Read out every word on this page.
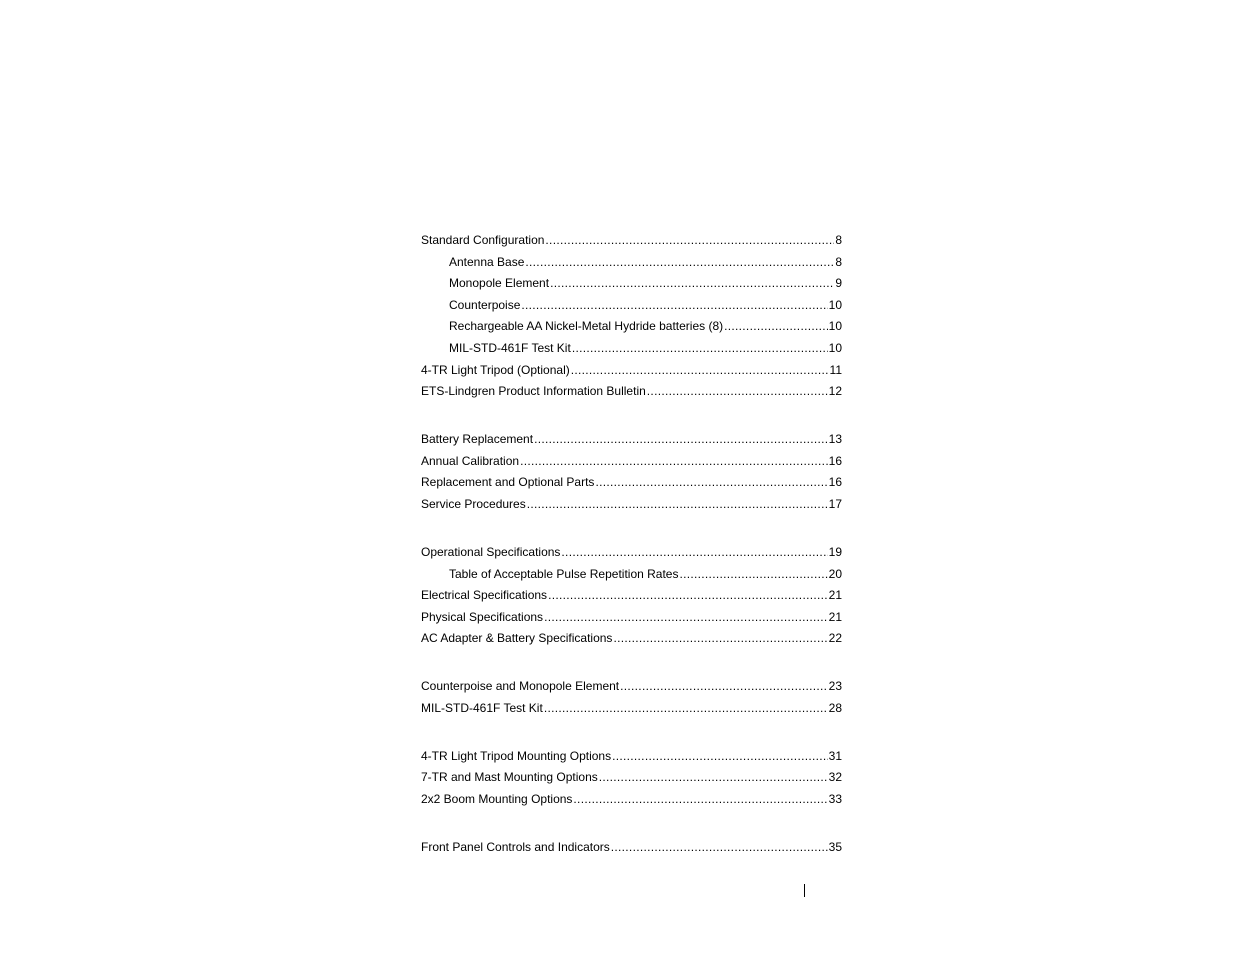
Standard Configuration .....	8
Antenna Base .....	8
Monopole Element .....	9
Counterpoise .....	10
Rechargeable AA Nickel-Metal Hydride batteries (8) .....	10
MIL-STD-461F Test Kit .....	10
4-TR Light Tripod (Optional) .....	11
ETS-Lindgren Product Information Bulletin .....	12
Battery Replacement .....	13
Annual Calibration .....	16
Replacement and Optional Parts .....	16
Service Procedures .....	17
Operational Specifications .....	19
Table of Acceptable Pulse Repetition Rates .....	20
Electrical Specifications .....	21
Physical Specifications .....	21
AC Adapter & Battery Specifications .....	22
Counterpoise and Monopole Element .....	23
MIL-STD-461F Test Kit .....	28
4-TR Light Tripod Mounting Options .....	31
7-TR and Mast Mounting Options .....	32
2x2 Boom Mounting Options .....	33
Front Panel Controls and Indicators .....	35
